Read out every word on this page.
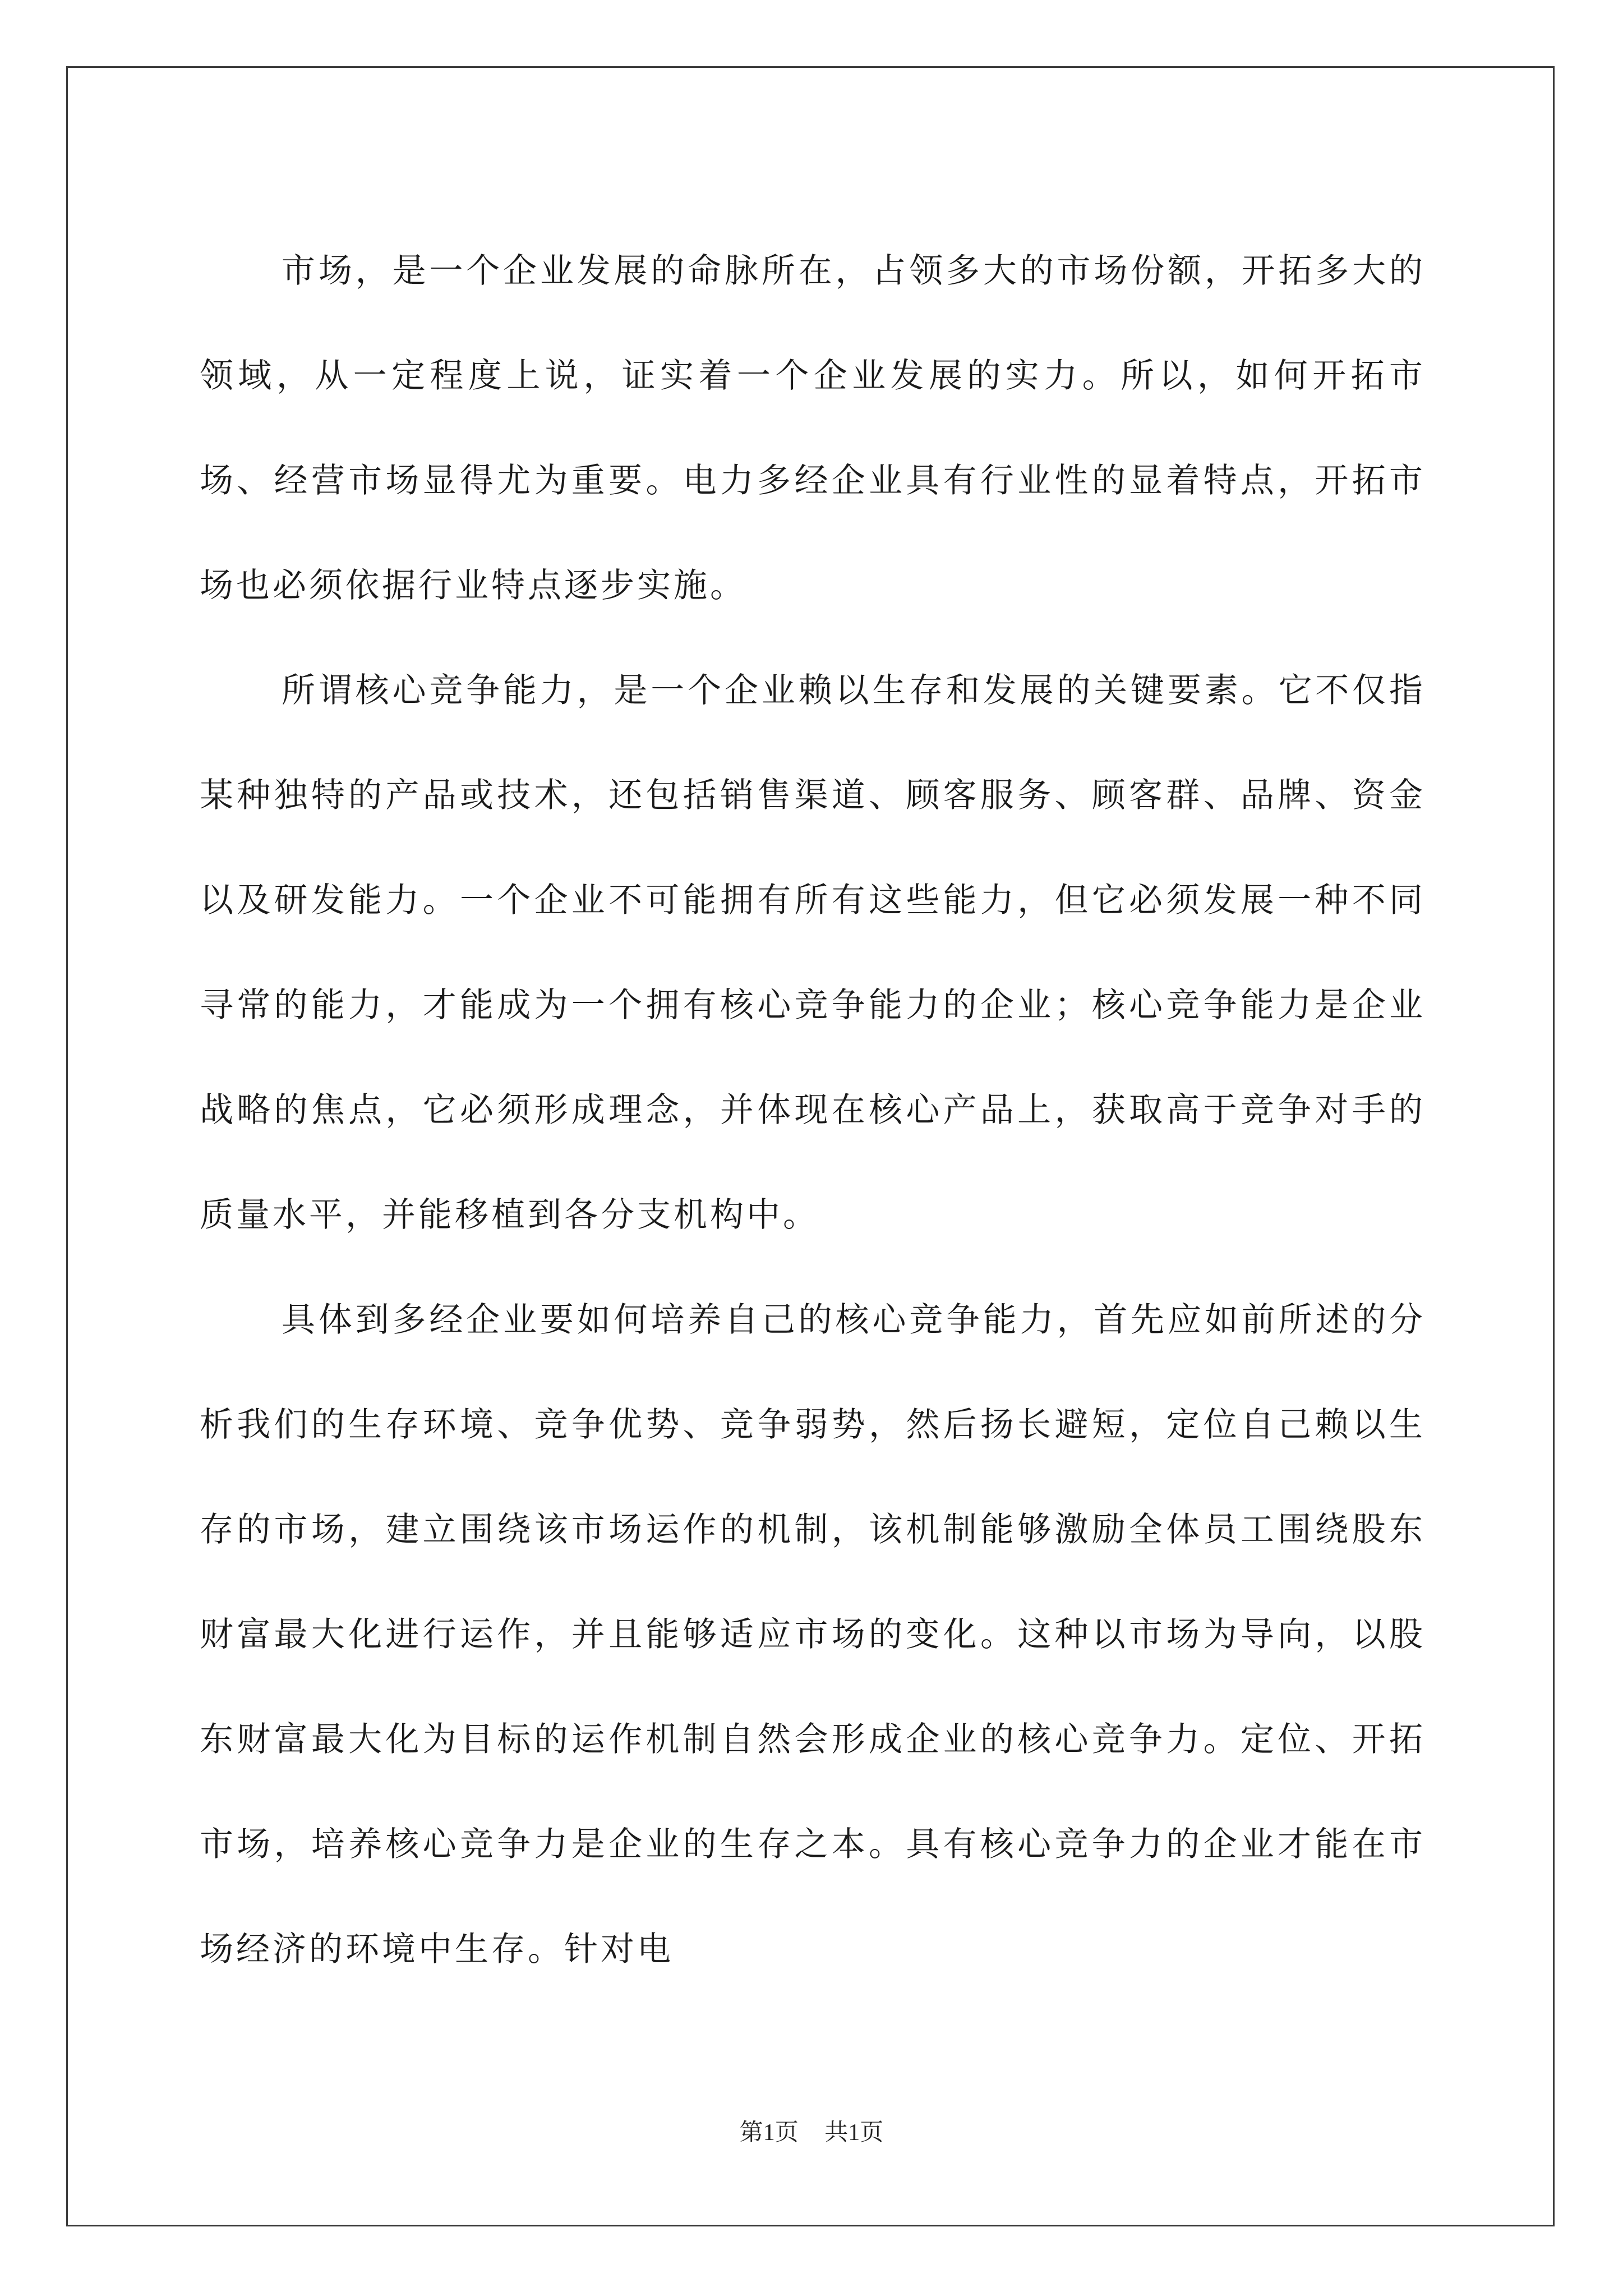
市场，是一个企业发展的命脉所在，占领多大的市场份额，开拓多大的领域，从一定程度上说，证实着一个企业发展的实力。所以，如何开拓市场、经营市场显得尤为重要。电力多经企业具有行业性的显着特点，开拓市场也必须依据行业特点逐步实施。

所谓核心竞争能力，是一个企业赖以生存和发展的关键要素。它不仅指某种独特的产品或技术，还包括销售渠道、顾客服务、顾客群、品牌、资金以及研发能力。一个企业不可能拥有所有这些能力，但它必须发展一种不同寻常的能力，才能成为一个拥有核心竞争能力的企业；核心竞争能力是企业战略的焦点，它必须形成理念，并体现在核心产品上，获取高于竞争对手的质量水平，并能移植到各分支机构中。

具体到多经企业要如何培养自己的核心竞争能力，首先应如前所述的分析我们的生存环境、竞争优势、竞争弱势，然后扬长避短，定位自己赖以生存的市场，建立围绕该市场运作的机制，该机制能够激励全体员工围绕股东财富最大化进行运作，并且能够适应市场的变化。这种以市场为导向，以股东财富最大化为目标的运作机制自然会形成企业的核心竞争力。定位、开拓市场，培养核心竞争力是企业的生存之本。具有核心竞争力的企业才能在市场经济的环境中生存。针对电

第1页 共1页
